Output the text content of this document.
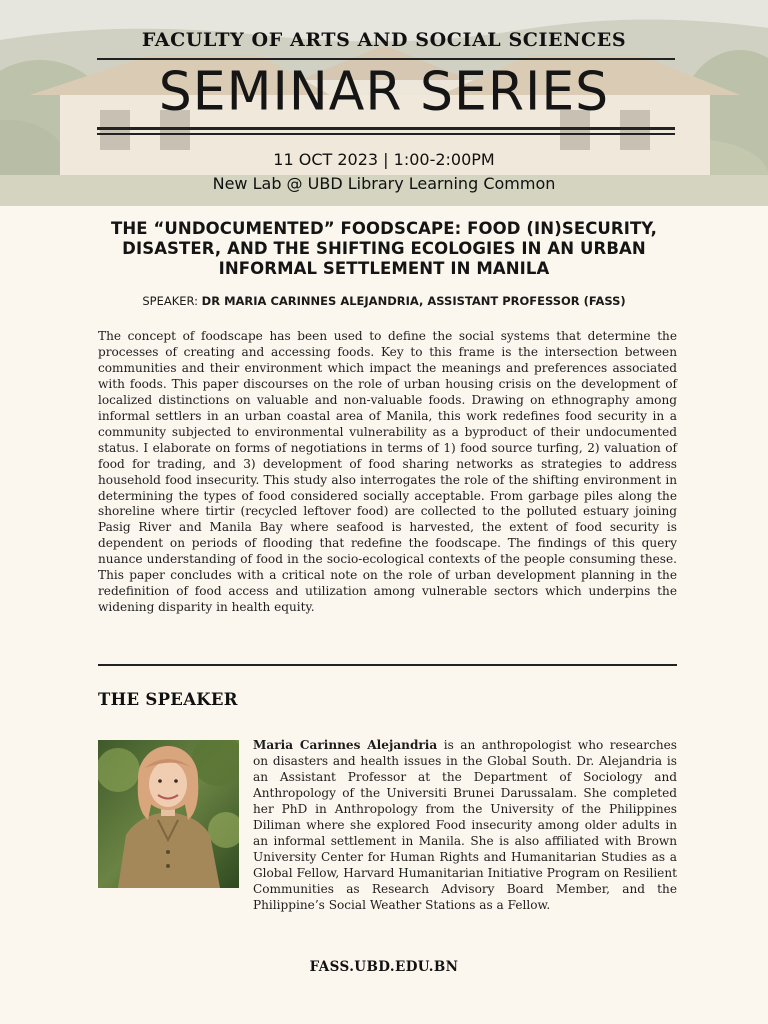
FACULTY OF ARTS AND SOCIAL SCIENCES
SEMINAR SERIES
11 OCT 2023 | 1:00-2:00PM
New Lab @ UBD Library Learning Common
THE “UNDOCUMENTED” FOODSCAPE: FOOD (IN)SECURITY, DISASTER, AND THE SHIFTING ECOLOGIES IN AN URBAN INFORMAL SETTLEMENT IN MANILA
SPEAKER: DR MARIA CARINNES ALEJANDRIA, ASSISTANT PROFESSOR (FASS)
The concept of foodscape has been used to define the social systems that determine the processes of creating and accessing foods. Key to this frame is the intersection between communities and their environment which impact the meanings and preferences associated with foods. This paper discourses on the role of urban housing crisis on the development of localized distinctions on valuable and non-valuable foods. Drawing on ethnography among informal settlers in an urban coastal area of Manila, this work redefines food security in a community subjected to environmental vulnerability as a byproduct of their undocumented status. I elaborate on forms of negotiations in terms of 1) food source turfing, 2) valuation of food for trading, and 3) development of food sharing networks as strategies to address household food insecurity. This study also interrogates the role of the shifting environment in determining the types of food considered socially acceptable. From garbage piles along the shoreline where tirtir (recycled leftover food) are collected to the polluted estuary joining Pasig River and Manila Bay where seafood is harvested, the extent of food security is dependent on periods of flooding that redefine the foodscape. The findings of this query nuance understanding of food in the socio-ecological contexts of the people consuming these. This paper concludes with a critical note on the role of urban development planning in the redefinition of food access and utilization among vulnerable sectors which underpins the widening disparity in health equity.
THE SPEAKER
Maria Carinnes Alejandria is an anthropologist who researches on disasters and health issues in the Global South. Dr. Alejandria is an Assistant Professor at the Department of Sociology and Anthropology of the Universiti Brunei Darussalam. She completed her PhD in Anthropology from the University of the Philippines Diliman where she explored Food insecurity among older adults in an informal settlement in Manila. She is also affiliated with Brown University Center for Human Rights and Humanitarian Studies as a Global Fellow, Harvard Humanitarian Initiative Program on Resilient Communities as Research Advisory Board Member, and the Philippine’s Social Weather Stations as a Fellow.
FASS.UBD.EDU.BN
